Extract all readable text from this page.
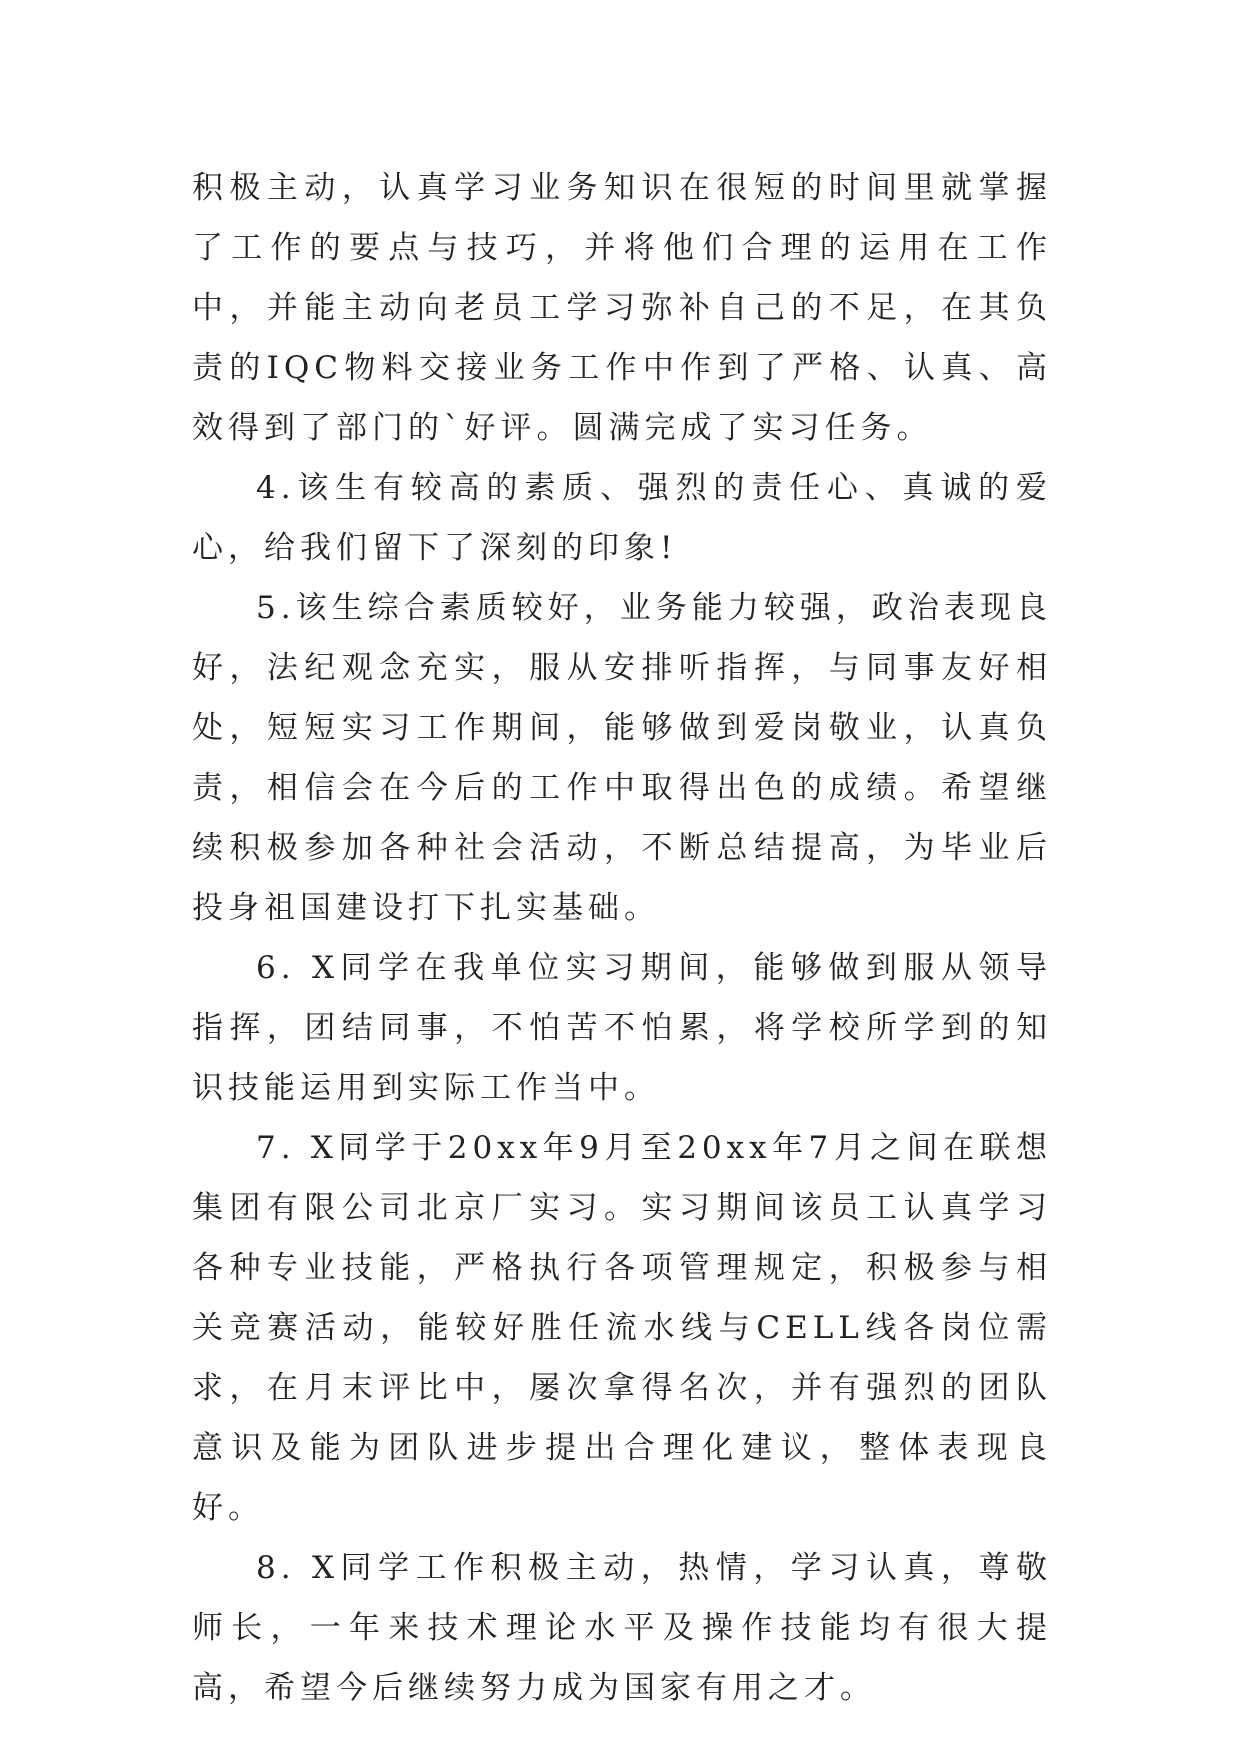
积极主动，认真学习业务知识在很短的时间里就掌握了工作的要点与技巧，并将他们合理的运用在工作中，并能主动向老员工学习弥补自己的不足，在其负责的IQC物料交接业务工作中作到了严格、认真、高效得到了部门的`好评。圆满完成了实习任务。

4.该生有较高的素质、强烈的责任心、真诚的爱心，给我们留下了深刻的印象!

5.该生综合素质较好，业务能力较强，政治表现良好，法纪观念充实，服从安排听指挥，与同事友好相处，短短实习工作期间，能够做到爱岗敬业，认真负责，相信会在今后的工作中取得出色的成绩。希望继续积极参加各种社会活动，不断总结提高，为毕业后投身祖国建设打下扎实基础。

6. X同学在我单位实习期间，能够做到服从领导指挥，团结同事，不怕苦不怕累，将学校所学到的知识技能运用到实际工作当中。

7. X同学于20xx年9月至20xx年7月之间在联想集团有限公司北京厂实习。实习期间该员工认真学习各种专业技能，严格执行各项管理规定，积极参与相关竞赛活动，能较好胜任流水线与CELL线各岗位需求，在月末评比中，屡次拿得名次，并有强烈的团队意识及能为团队进步提出合理化建议，整体表现良好。

8. X同学工作积极主动，热情，学习认真，尊敬师长，一年来技术理论水平及操作技能均有很大提高，希望今后继续努力成为国家有用之才。
